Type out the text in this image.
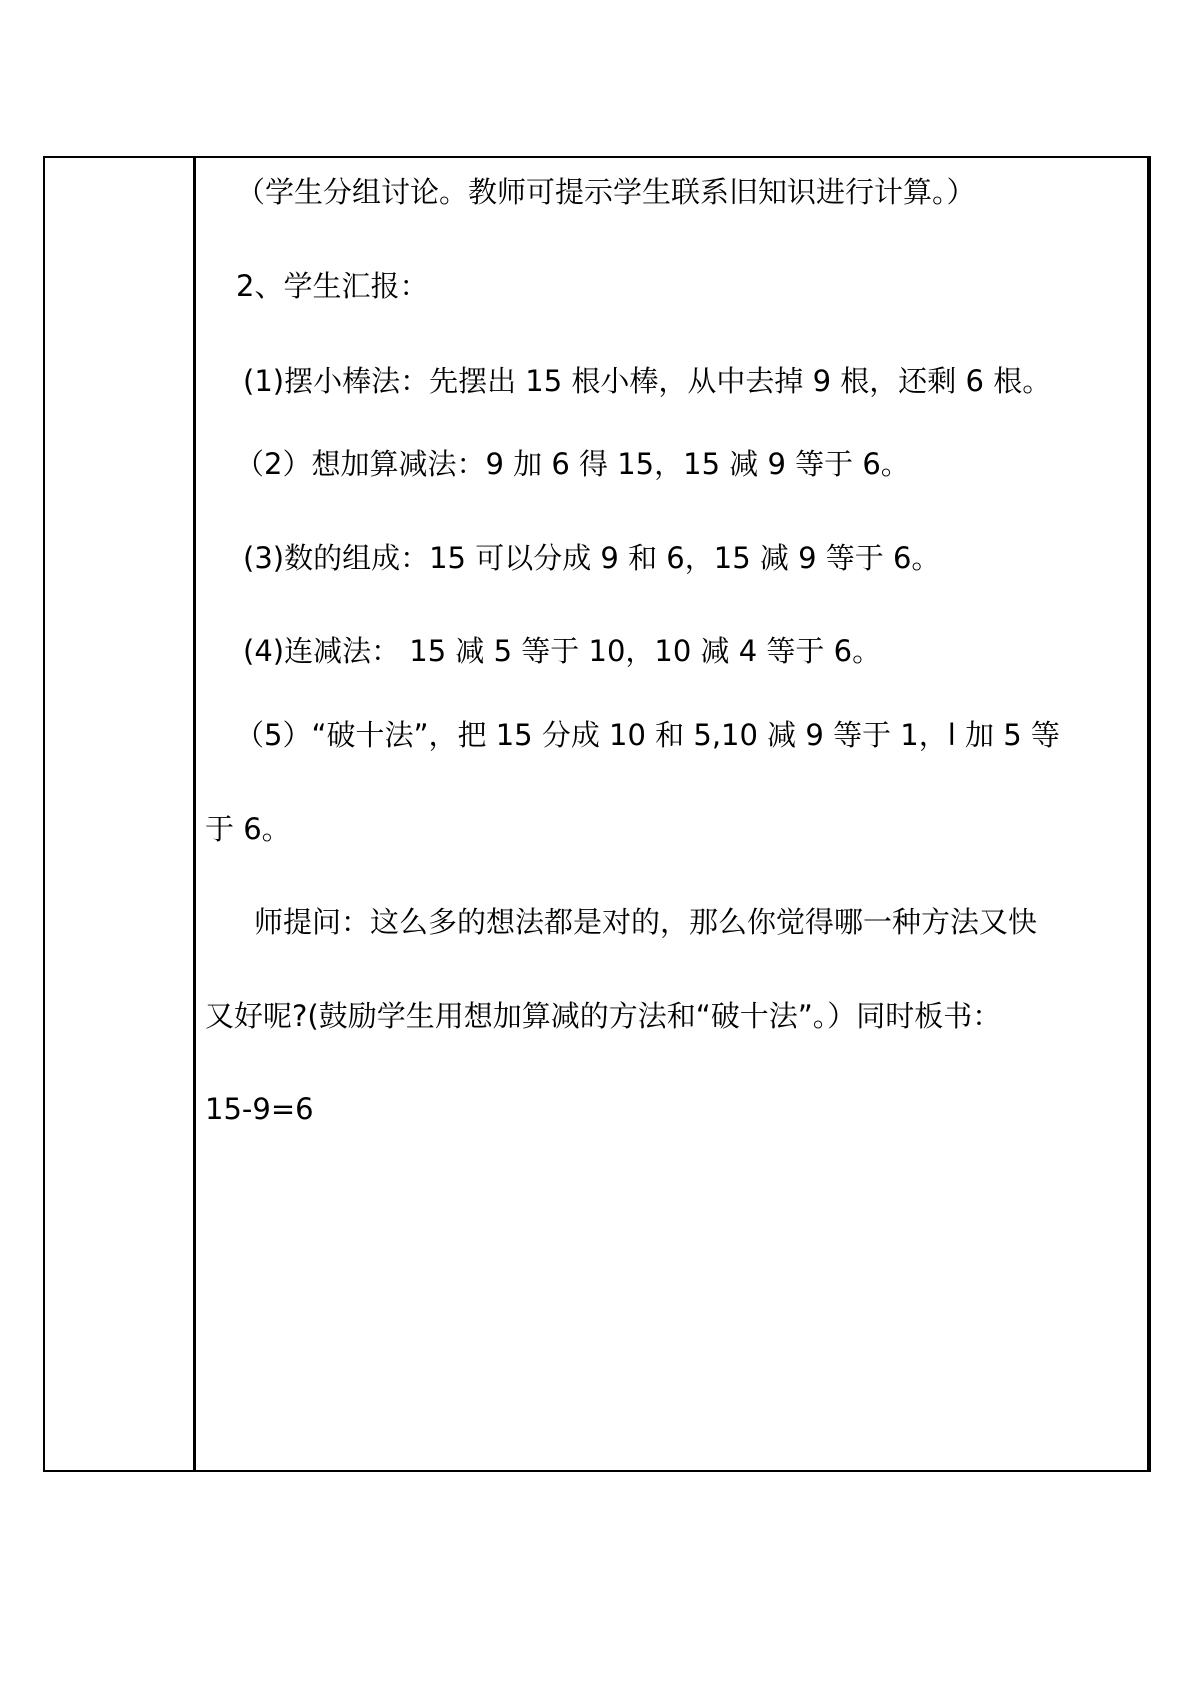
（学生分组讨论。教师可提示学生联系旧知识进行计算。）
2、学生汇报：
(1)摆小棒法：先摆出 15 根小棒，从中去掉 9 根，还剩 6 根。
（2）想加算减法：9 加 6 得 15，15 减 9 等于 6。
(3)数的组成：15 可以分成 9 和 6，15 减 9 等于 6。
(4)连减法： 15 减 5 等于 10，10 减 4 等于 6。
（5）“破十法”，把 15 分成 10 和 5,10 减 9 等于 1，l 加 5 等
于 6。
师提问：这么多的想法都是对的，那么你觉得哪一种方法又快
又好呢?(鼓励学生用想加算减的方法和“破十法”。）同时板书：
15-9=6
